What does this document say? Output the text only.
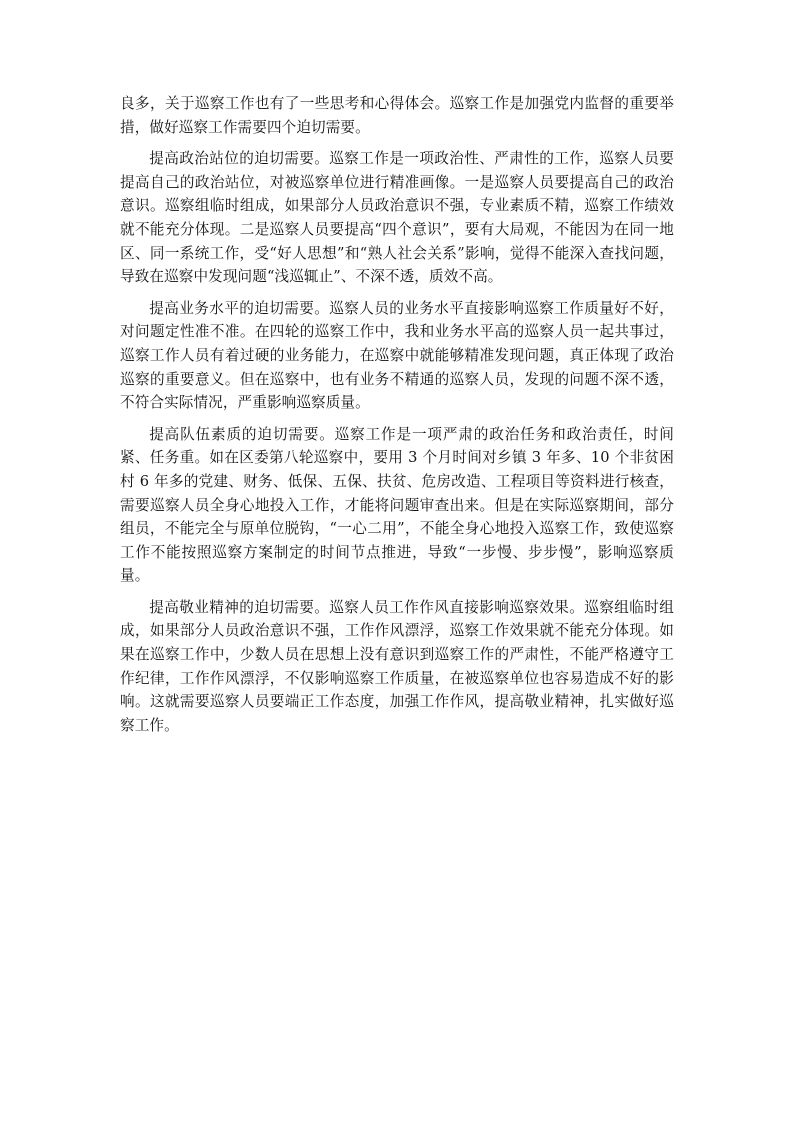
良多，关于巡察工作也有了一些思考和心得体会。巡察工作是加强党内监督的重要举措，做好巡察工作需要四个迫切需要。

提高政治站位的迫切需要。巡察工作是一项政治性、严肃性的工作，巡察人员要提高自己的政治站位，对被巡察单位进行精准画像。一是巡察人员要提高自己的政治意识。巡察组临时组成，如果部分人员政治意识不强，专业素质不精，巡察工作绩效就不能充分体现。二是巡察人员要提高“四个意识”，要有大局观，不能因为在同一地区、同一系统工作，受“好人思想”和“熟人社会关系”影响，觉得不能深入查找问题，导致在巡察中发现问题“浅巡辄止”、不深不透，质效不高。

提高业务水平的迫切需要。巡察人员的业务水平直接影响巡察工作质量好不好，对问题定性准不准。在四轮的巡察工作中，我和业务水平高的巡察人员一起共事过，巡察工作人员有着过硬的业务能力，在巡察中就能够精准发现问题，真正体现了政治巡察的重要意义。但在巡察中，也有业务不精通的巡察人员，发现的问题不深不透，不符合实际情况，严重影响巡察质量。

提高队伍素质的迫切需要。巡察工作是一项严肃的政治任务和政治责任，时间紧、任务重。如在区委第八轮巡察中，要用 3 个月时间对乡镇 3 年多、10 个非贫困村 6 年多的党建、财务、低保、五保、扶贫、危房改造、工程项目等资料进行核查，需要巡察人员全身心地投入工作，才能将问题审查出来。但是在实际巡察期间，部分组员，不能完全与原单位脱钩，“一心二用”，不能全身心地投入巡察工作，致使巡察工作不能按照巡察方案制定的时间节点推进，导致“一步慢、步步慢”，影响巡察质量。

提高敬业精神的迫切需要。巡察人员工作作风直接影响巡察效果。巡察组临时组成，如果部分人员政治意识不强，工作作风漂浮，巡察工作效果就不能充分体现。如果在巡察工作中，少数人员在思想上没有意识到巡察工作的严肃性，不能严格遵守工作纪律，工作作风漂浮，不仅影响巡察工作质量，在被巡察单位也容易造成不好的影响。这就需要巡察人员要端正工作态度，加强工作作风，提高敬业精神，扎实做好巡察工作。
